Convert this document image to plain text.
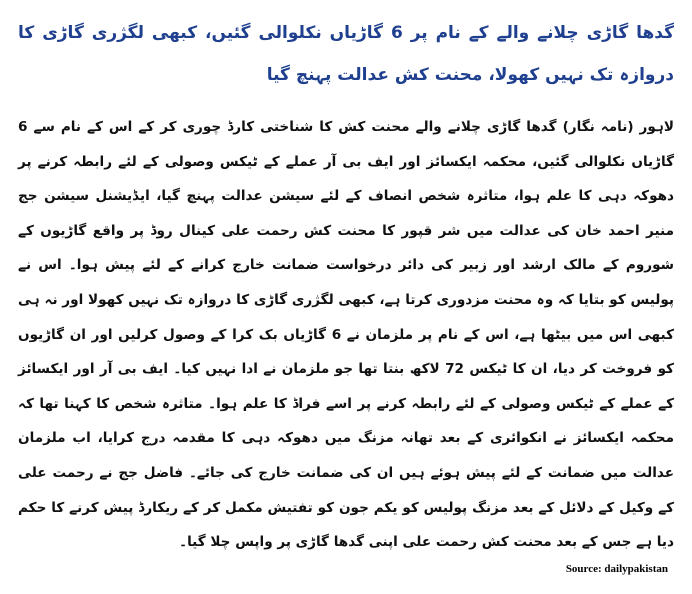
گدھا گاڑی چلانے والے کے نام پر 6 گاڑیاں نکلوالی گئیں، کبھی لگژری گاڑی کا دروازہ تک نہیں کھولا، محنت کش عدالت پہنچ گیا
لاہور (نامہ نگار) گدھا گاڑی چلانے والے محنت کش کا شناختی کارڈ چوری کر کے اس کے نام سے 6 گاڑیاں نکلوالی گئیں، محکمہ ایکسائز اور ایف بی آر عملے کے ٹیکس وصولی کے لئے رابطہ کرنے پر دھوکہ دہی کا علم ہوا، متاثرہ شخص انصاف کے لئے سیشن عدالت پہنچ گیا، ایڈیشنل سیشن جج منیر احمد خان کی عدالت میں شر قپور کا محنت کش رحمت علی کینال روڈ پر واقع گاڑیوں کے شوروم کے مالک ارشد اور زبیر کی دائر درخواست ضمانت خارج کرانے کے لئے پیش ہوا۔ اس نے پولیس کو بتایا کہ وہ محنت مزدوری کرتا ہے، کبھی لگژری گاڑی کا دروازہ تک نہیں کھولا اور نہ ہی کبھی اس میں بیٹھا ہے، اس کے نام پر ملزمان نے 6 گاڑیاں بک کرا کے وصول کرلیں اور ان گاڑیوں کو فروخت کر دیا، ان کا ٹیکس 72 لاکھ بنتا تھا جو ملزمان نے ادا نہیں کیا۔ ایف بی آر اور ایکسائز کے عملے کے ٹیکس وصولی کے لئے رابطہ کرنے پر اسے فراڈ کا علم ہوا۔ متاثرہ شخص کا کہنا تھا کہ محکمہ ایکسائز نے انکوائری کے بعد تھانہ مزنگ میں دھوکہ دہی کا مقدمہ درج کرایا، اب ملزمان عدالت میں ضمانت کے لئے پیش ہوئے ہیں ان کی ضمانت خارج کی جائے۔ فاضل جج نے رحمت علی کے وکیل کے دلائل کے بعد مزنگ پولیس کو یکم جون کو تفتیش مکمل کر کے ریکارڈ پیش کرنے کا حکم دیا ہے جس کے بعد محنت کش رحمت علی اپنی گدھا گاڑی پر واپس چلا گیا۔
Source: dailypakistan
